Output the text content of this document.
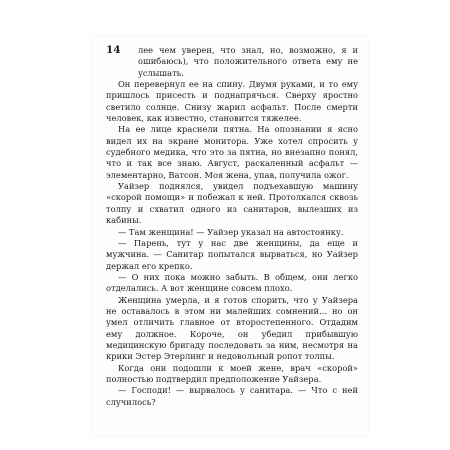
14	лее чем уверен, что знал, но, возможно, я и ошибаюсь), что положительного ответа ему не услышать.

Он перевернул ее на спину. Двумя руками, и то ему пришлось присесть и поднапрячься. Сверху яростно светило солнце. Снизу жарил асфальт. После смерти человек, как известно, становится тяжелее.

На ее лице краснели пятна. На опознании я ясно видел их на экране монитора. Уже хотел спросить у судебного медика, что это за пятна, но внезапно понял, что и так все знаю. Август, раскаленный асфальт — элементарно, Ватсон. Моя жена, упав, получила ожог.

Уайзер поднялся, увидел подъехавшую машину «скорой помощи» и побежал к ней. Протолкался сквозь толпу и схватил одного из санитаров, вылезших из кабины.

— Там женщина! — Уайзер указал на автостоянку.

— Парень, тут у нас две женщины, да еще и мужчина. — Санитар попытался вырваться, но Уайзер держал его крепко.

— О них пока можно забыть. В общем, они легко отделались. А вот женщине совсем плохо.

Женщина умерла, и я готов спорить, что у Уайзера не оставалось в этом ни малейших сомнений... но он умел отличить главное от второстепенного. Отдадим ему должное. Короче, он убедил прибывшую медицинскую бригаду последовать за ним, несмотря на крики Эстер Этерлинг и недовольный ропот толпы.

Когда они подошли к моей жене, врач «скорой» полностью подтвердил предположение Уайзера.

— Господи! — вырвалось у санитара. — Что с ней случилось?
